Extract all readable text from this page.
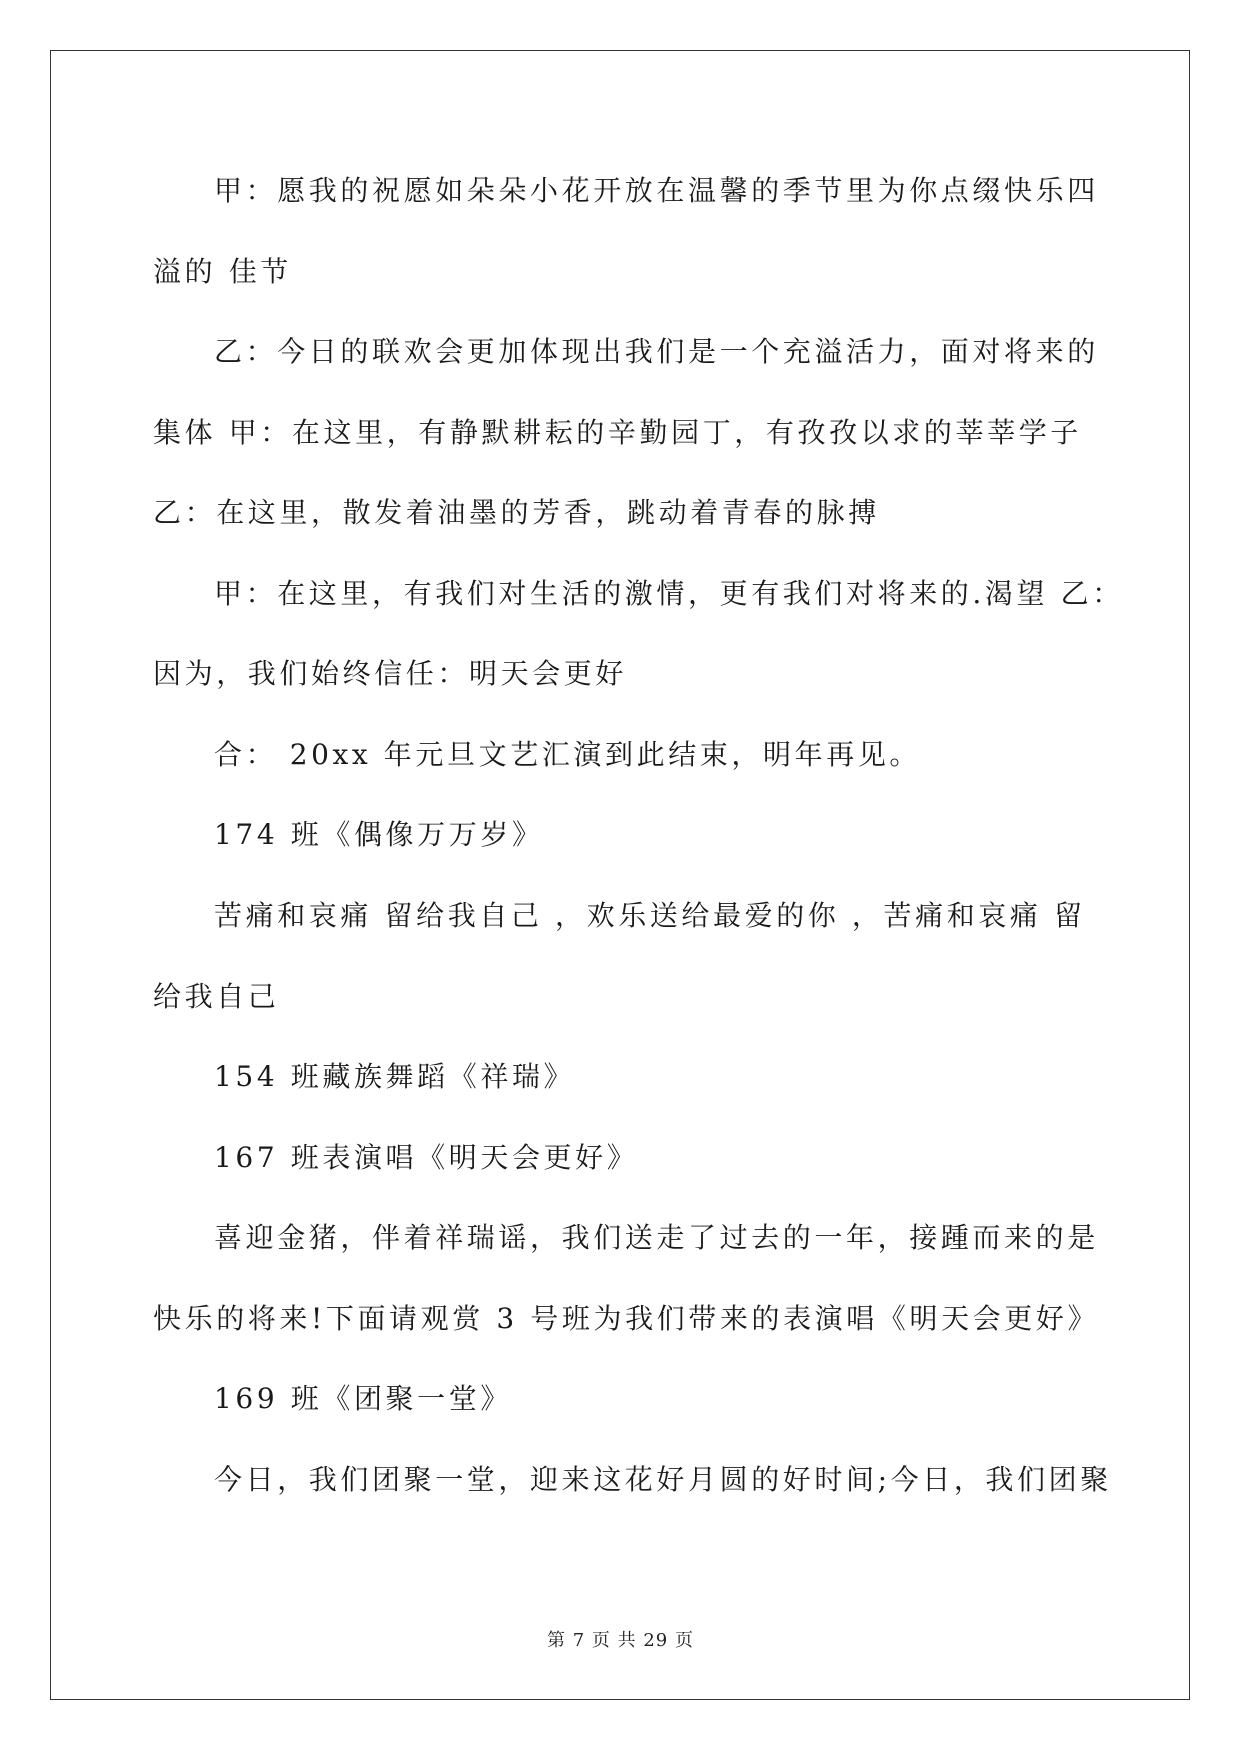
甲：愿我的祝愿如朵朵小花开放在温馨的季节里为你点缀快乐四
溢的 佳节
乙：今日的联欢会更加体现出我们是一个充溢活力，面对将来的
集体 甲：在这里，有静默耕耘的辛勤园丁，有孜孜以求的莘莘学子
乙：在这里，散发着油墨的芳香，跳动着青春的脉搏
甲：在这里，有我们对生活的激情，更有我们对将来的.渴望 乙：
因为，我们始终信任：明天会更好
合： 20xx 年元旦文艺汇演到此结束，明年再见。
174 班《偶像万万岁》
苦痛和哀痛 留给我自己 ，欢乐送给最爱的你 ，苦痛和哀痛 留
给我自己
154 班藏族舞蹈《祥瑞》
167 班表演唱《明天会更好》
喜迎金猪，伴着祥瑞谣，我们送走了过去的一年，接踵而来的是
快乐的将来!下面请观赏 3 号班为我们带来的表演唱《明天会更好》
169 班《团聚一堂》
今日，我们团聚一堂，迎来这花好月圆的好时间;今日，我们团聚
第 7 页 共 29 页
